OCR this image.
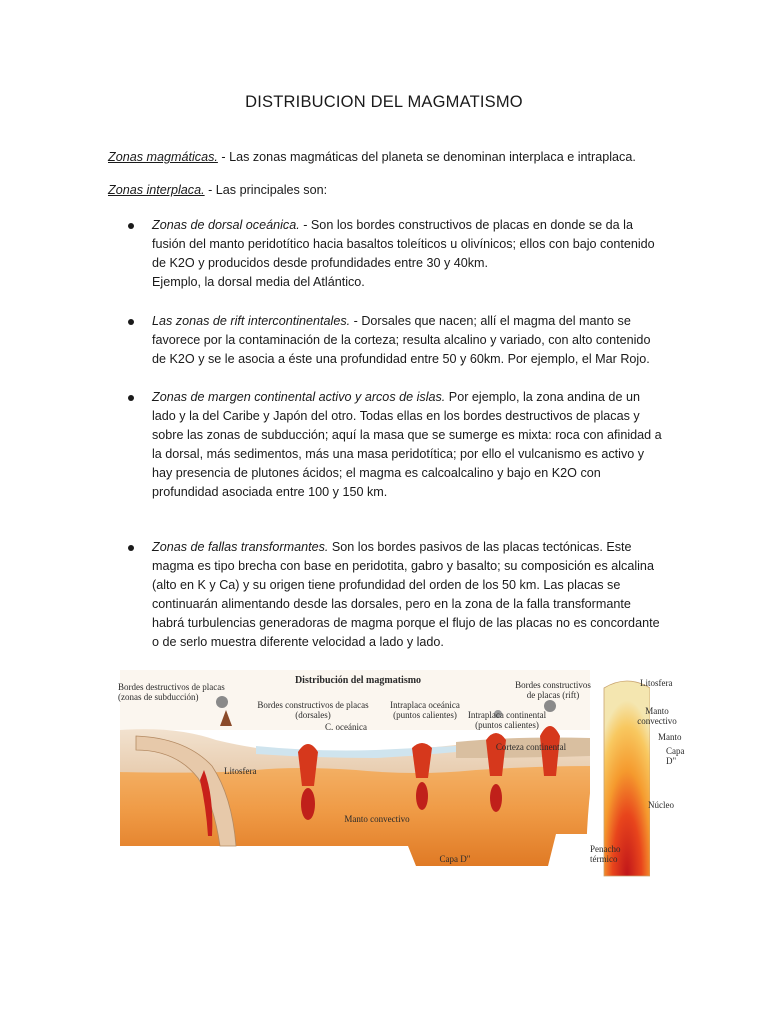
DISTRIBUCION DEL MAGMATISMO
Zonas magmáticas. - Las zonas magmáticas del planeta se denominan interplaca e intraplaca.
Zonas interplaca. - Las principales son:

Zonas de dorsal oceánica. - Son los bordes constructivos de placas en donde se da la

fusión del manto peridotítico hacia basaltos toleíticos u olivínicos; ellos con bajo contenido

de K2O y producidos desde profundidades entre 30 y 40km.

Ejemplo, la dorsal media del Atlántico.

Las zonas de rift intercontinentales. - Dorsales que nacen; allí el magma del manto se

favorece por la contaminación de la corteza; resulta alcalino y variado, con alto contenido

de K2O y se le asocia a éste una profundidad entre 50 y 60km. Por ejemplo, el Mar Rojo.

Zonas de margen continental activo y arcos de islas. Por ejemplo, la zona andina de un

lado y la del Caribe y Japón del otro. Todas ellas en los bordes destructivos de placas y

sobre las zonas de subducción; aquí la masa que se sumerge es mixta: roca con afinidad a

la dorsal, más sedimentos, más una masa peridotítica; por ello el vulcanismo es activo y

hay presencia de plutones ácidos; el magma es calcoalcalino y bajo en K2O con

profundidad asociada entre 100 y 150 km.

Zonas de fallas transformantes. Son los bordes pasivos de las placas tectónicas. Este

magma es tipo brecha con base en peridotita, gabro y basalto; su composición es alcalina

(alto en K y Ca) y su origen tiene profundidad del orden de los 50 km. Las placas se

continuarán alimentando desde las dorsales, pero en la zona de la falla transformante

habrá turbulencias generadoras de magma porque el flujo de las placas no es concordante

o de serlo muestra diferente velocidad a lado y lado.

Distribución del magmatismo
Bordes destructivos de placas
(zonas de subducción)
Bordes constructivos de placas
(dorsales)
Intraplaca oceánica
(puntos calientes)
Bordes constructivos
de placas (rift)
Intraplaca continental
(puntos calientes)
C. oceánica
Corteza continental
Litosfera
Manto convectivo
Capa D"
Penacho
térmico
Litosfera
Manto convectivo
Manto
Capa
D"
Núcleo
